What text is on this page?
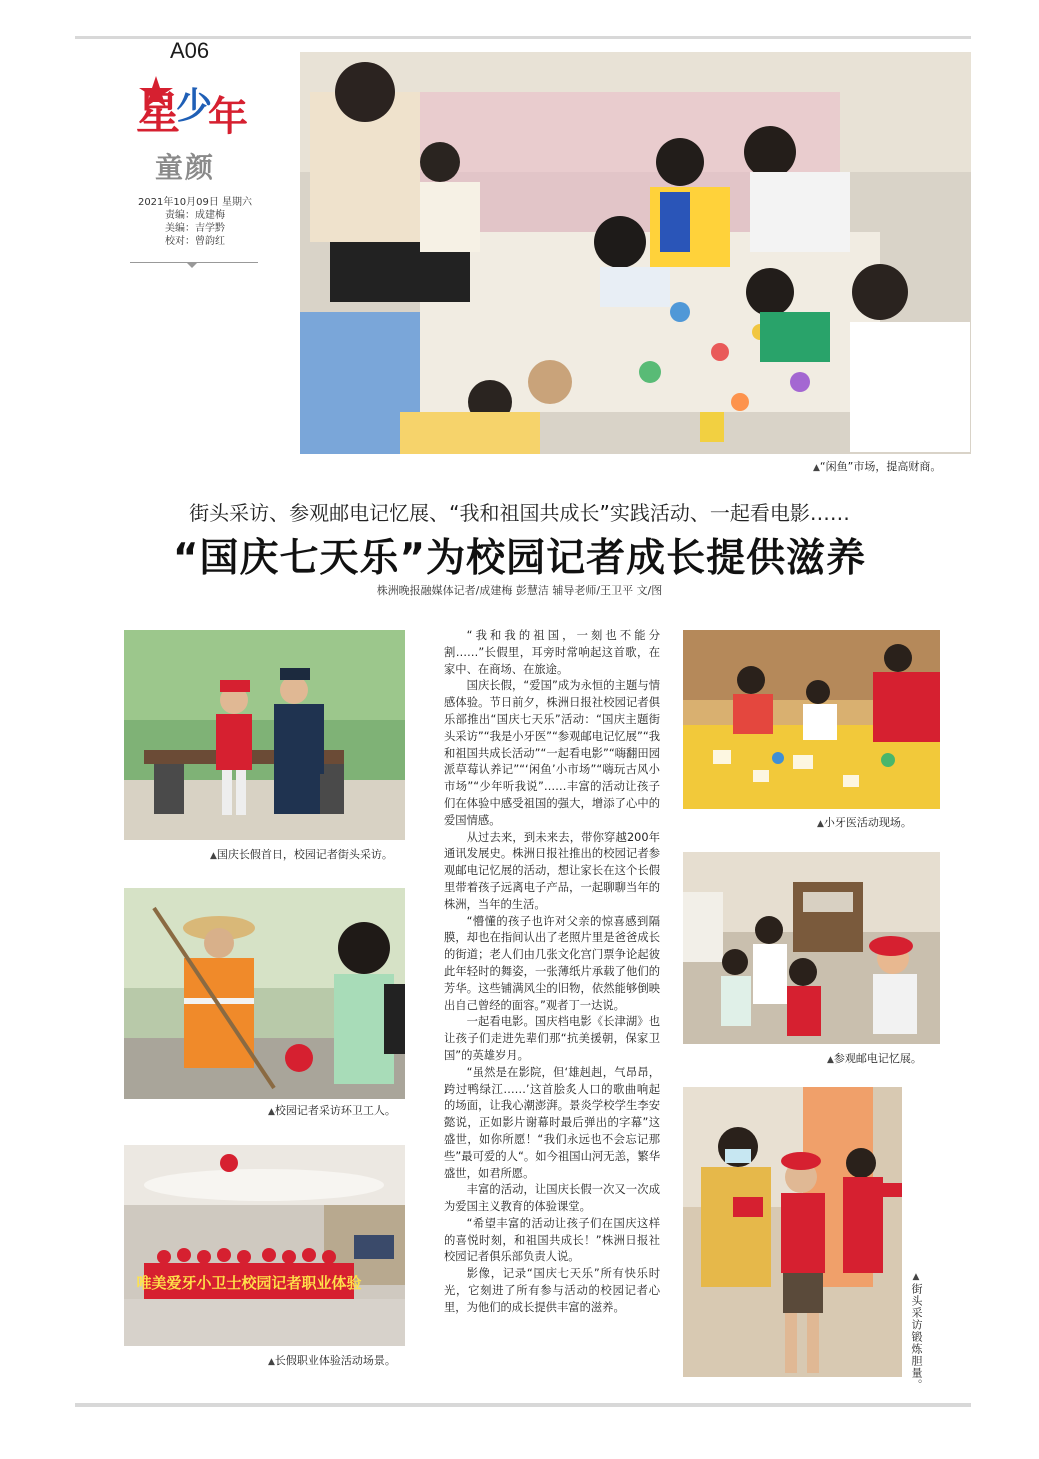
A06
星
少
年
童颜
2021年10月09日 星期六
责编：成建梅
美编：吉学黔
校对：曾韵红
▲“闲鱼”市场，提高财商。
街头采访、参观邮电记忆展、“我和祖国共成长”实践活动、一起看电影……
“国庆七天乐”为校园记者成长提供滋养
株洲晚报融媒体记者/成建梅 彭慧洁 辅导老师/王卫平 文/图
▲国庆长假首日，校园记者街头采访。
▲校园记者采访环卫工人。
唯美爱牙小卫士校园记者职业体验
▲长假职业体验活动场景。

“我和我的祖国，一刻也不能分割……”长假里，耳旁时常响起这首歌，在家中、在商场、在旅途。

国庆长假，“爱国”成为永恒的主题与情感体验。节日前夕，株洲日报社校园记者俱乐部推出“国庆七天乐”活动：“国庆主题街头采访”“我是小牙医”“参观邮电记忆展”“我和祖国共成长活动”“一起看电影”“嗨翻田园派草莓认养记”“‘闲鱼’小市场”“嗨玩古风小市场”“少年听我说”……丰富的活动让孩子们在体验中感受祖国的强大，增添了心中的爱国情感。

从过去来，到未来去，带你穿越200年通讯发展史。株洲日报社推出的校园记者参观邮电记忆展的活动，想让家长在这个长假里带着孩子远离电子产品，一起聊聊当年的株洲，当年的生活。

“懵懂的孩子也许对父亲的惊喜感到隔膜，却也在指间认出了老照片里是爸爸成长的街道；老人们由几张文化宫门票争论起彼此年轻时的舞姿，一张薄纸片承载了他们的芳华。这些铺满风尘的旧物，依然能够倒映出自己曾经的面容。”观者丁一达说。

一起看电影。国庆档电影《长津湖》也让孩子们走进先辈们那“抗美援朝，保家卫国”的英雄岁月。

“虽然是在影院，但‘雄赳赳，气昂昂，跨过鸭绿江……’这首脍炙人口的歌曲响起的场面，让我心潮澎湃。景炎学校学生李安懿说，正如影片谢幕时最后弹出的字幕”这盛世，如你所愿！“我们永远也不会忘记那些”最可爱的人“。如今祖国山河无恙，繁华盛世，如君所愿。

丰富的活动，让国庆长假一次又一次成为爱国主义教育的体验课堂。

“希望丰富的活动让孩子们在国庆这样的喜悦时刻，和祖国共成长！”株洲日报社校园记者俱乐部负责人说。

影像，记录“国庆七天乐”所有快乐时光，它刻进了所有参与活动的校园记者心里，为他们的成长提供丰富的滋养。

▲小牙医活动现场。
▲参观邮电记忆展。
▲街头采访锻炼胆量。
